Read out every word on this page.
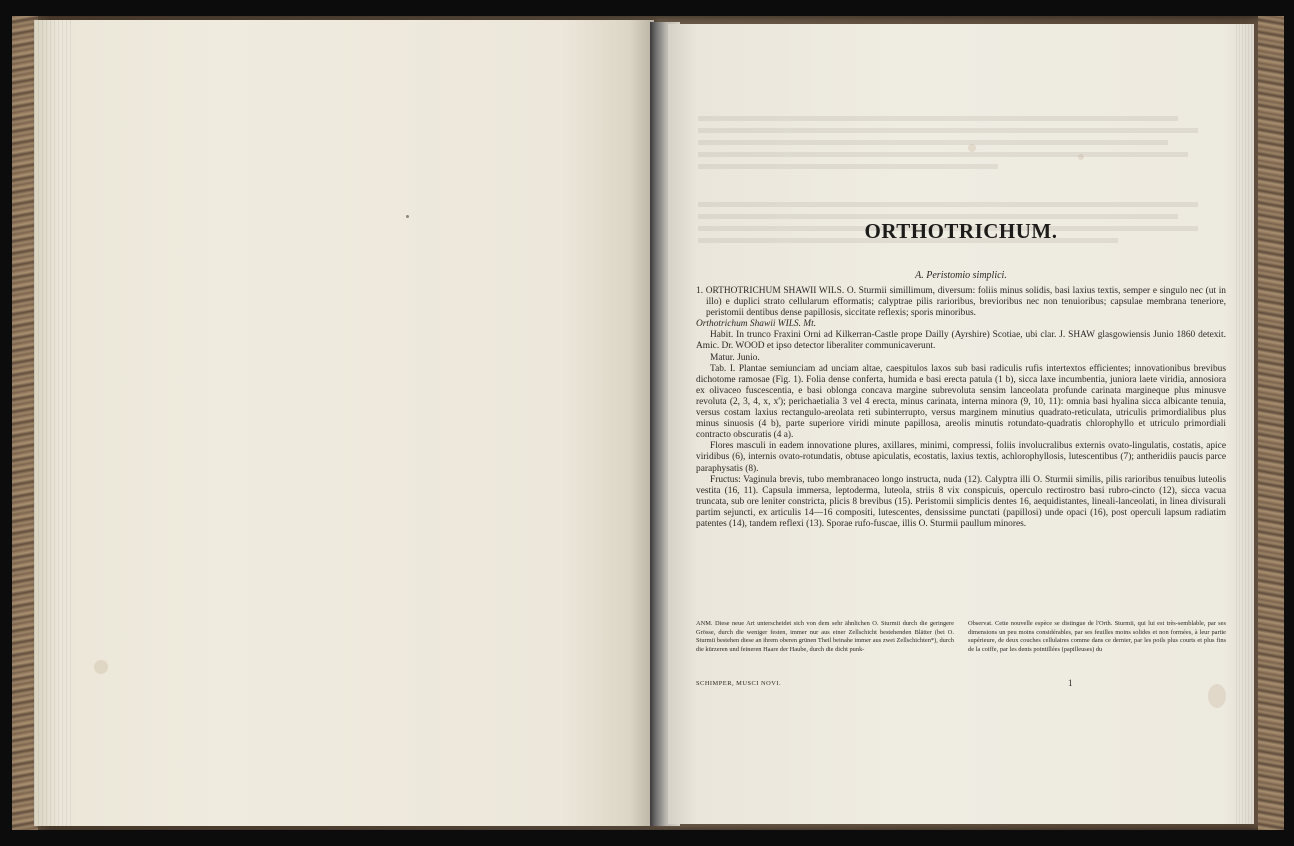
ORTHOTRICHUM.
A. Peristomio simplici.

1. ORTHOTRICHUM SHAWII WILS. O. Sturmii simillimum, diversum: foliis minus solidis, basi laxius textis, semper e singulo nec (ut in illo) e duplici strato cellularum efformatis; calyptrae pilis rarioribus, brevioribus nec non tenuioribus; capsulae membrana teneriore, peristomii dentibus dense papillosis, siccitate reflexis; sporis minoribus.

Orthotrichum Shawii WILS. Mt.

Habit. In trunco Fraxini Orni ad Kilkerran-Castle prope Dailly (Ayrshire) Scotiae, ubi clar. J. SHAW glasgowiensis Junio 1860 detexit. Amic. Dr. WOOD et ipso detector liberaliter communicaverunt.

Matur. Junio.

Tab. I. Plantae semiunciam ad unciam altae, caespitulos laxos sub basi radiculis rufis intertextos efficientes; innovationibus brevibus dichotome ramosae (Fig. 1). Folia dense conferta, humida e basi erecta patula (1 b), sicca laxe incumbentia, juniora laete viridia, annosiora ex olivaceo fuscescentia, e basi oblonga concava margine subrevoluta sensim lanceolata profunde carinata margineque plus minusve revoluta (2, 3, 4, x, x'); perichaetialia 3 vel 4 erecta, minus carinata, interna minora (9, 10, 11): omnia basi hyalina sicca albicante tenuia, versus costam laxius rectangulo-areolata reti subinterrupto, versus marginem minutius quadrato-reticulata, utriculis primordialibus plus minus sinuosis (4 b), parte superiore viridi minute papillosa, areolis minutis rotundato-quadratis chlorophyllo et utriculo primordiali contracto obscuratis (4 a).

Flores masculi in eadem innovatione plures, axillares, minimi, compressi, foliis involucralibus externis ovato-lingulatis, costatis, apice viridibus (6), internis ovato-rotundatis, obtuse apiculatis, ecostatis, laxius textis, achlorophyllosis, lutescentibus (7); antheridiis paucis parce paraphysatis (8).

Fructus: Vaginula brevis, tubo membranaceo longo instructa, nuda (12). Calyptra illi O. Sturmii similis, pilis rarioribus tenuibus luteolis vestita (16, 11). Capsula immersa, leptoderma, luteola, striis 8 vix conspicuis, operculo rectirostro basi rubro-cincto (12), sicca vacua truncata, sub ore leniter constricta, plicis 8 brevibus (15). Peristomii simplicis dentes 16, aequidistantes, lineali-lanceolati, in linea divisurali partim sejuncti, ex articulis 14—16 compositi, lutescentes, densissime punctati (papillosi) unde opaci (16), post operculi lapsum radiatim patentes (14), tandem reflexi (13). Sporae rufo-fuscae, illis O. Sturmii paullum minores.

ANM. Diese neue Art unterscheidet sich von dem sehr ähnlichen O. Sturmii durch die geringere Grösse, durch die weniger festen, immer nur aus einer Zellschicht bestehenden Blätter (bei O. Sturmii bestehen diese an ihrem oberen grünen Theil beinahe immer aus zwei Zellschichten*), durch die kürzeren und feineren Haare der Haube, durch die dicht punk-
Observat. Cette nouvelle espèce se distingue de l'Orth. Sturmii, qui lui est très-semblable, par ses dimensions un peu moins considérables, par ses feuilles moins solides et non formées, à leur partie supérieure, de deux couches cellulaires comme dans ce dernier, par les poils plus courts et plus fins de la coiffe, par les dents pointillées (papilleuses) du
SCHIMPER, MUSCI NOVI.	1
